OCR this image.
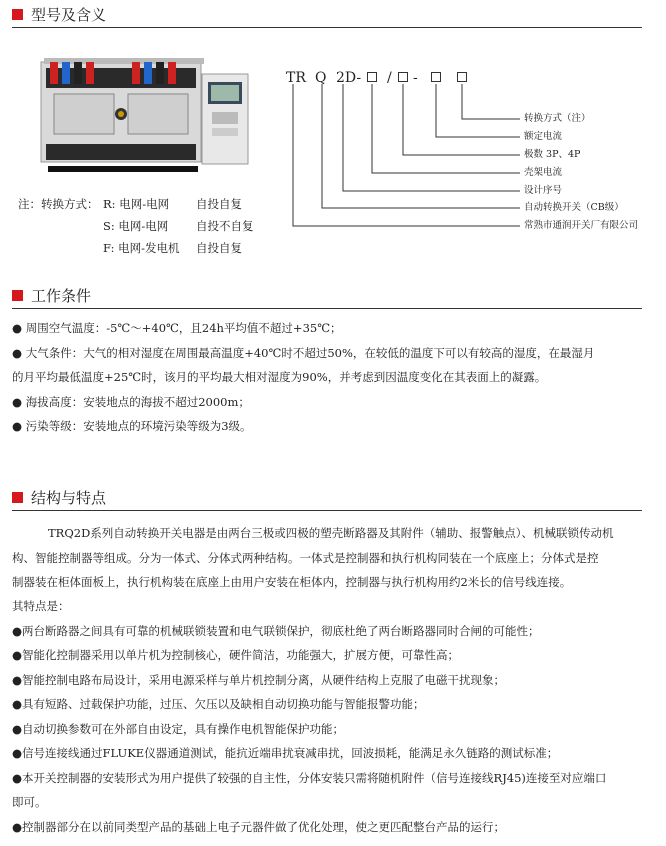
型号及含义
TR Q 2D- / -
转换方式（注）
额定电流
极数 3P、4P
壳架电流
设计序号
自动转换开关（CB级）
常熟市通润开关厂有限公司
注：转换方式： R: 电网-电网 自投自复
S: 电网-电网 自投不自复
F: 电网-发电机 自投自复
工作条件
● 周围空气温度：-5℃～+40℃，且24h平均值不超过+35℃；
● 大气条件：大气的相对湿度在周围最高温度+40℃时不超过50%，在较低的温度下可以有较高的湿度，在最湿月
的月平均最低温度+25℃时，该月的平均最大相对湿度为90%，并考虑到因温度变化在其表面上的凝露。
● 海拔高度：安装地点的海拔不超过2000m；
● 污染等级：安装地点的环境污染等级为3级。
结构与特点
TRQ2D系列自动转换开关电器是由两台三极或四极的塑壳断路器及其附件（辅助、报警触点）、机械联锁传动机
构、智能控制器等组成。分为一体式、分体式两种结构。一体式是控制器和执行机构同装在一个底座上；分体式是控
制器装在柜体面板上，执行机构装在底座上由用户安装在柜体内，控制器与执行机构用约2米长的信号线连接。
其特点是：
●两台断路器之间具有可靠的机械联锁装置和电气联锁保护，彻底杜绝了两台断路器同时合闸的可能性；
●智能化控制器采用以单片机为控制核心，硬件简洁，功能强大，扩展方便，可靠性高；
●智能控制电路布局设计，采用电源采样与单片机控制分离，从硬件结构上克服了电磁干扰现象；
●具有短路、过载保护功能，过压、欠压以及缺相自动切换功能与智能报警功能；
●自动切换参数可在外部自由设定，具有操作电机智能保护功能；
●信号连接线通过FLUKE仪器通道测试，能抗近端串扰衰减串扰，回波损耗，能满足永久链路的测试标准；
●本开关控制器的安装形式为用户提供了较强的自主性，分体安装只需将随机附件（信号连接线RJ45)连接至对应端口
即可。
●控制器部分在以前同类型产品的基础上电子元器件做了优化处理，使之更匹配整台产品的运行；
